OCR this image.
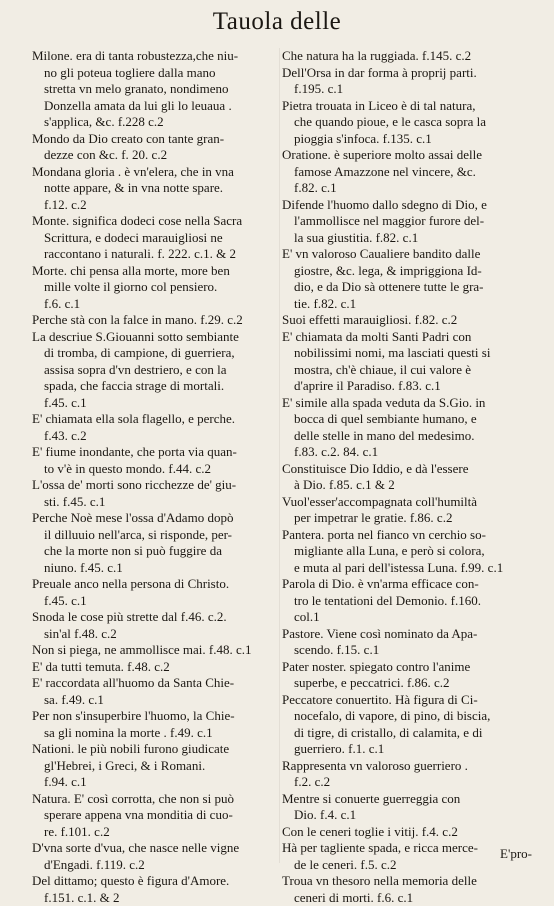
Tauola delle
Milone. era di tanta robustezza,che niu-
no gli poteua togliere dalla mano
stretta vn melo granato, nondimeno
Donzella amata da lui gli lo leuaua .
s'applica, &c. f.228 c.2
Mondo da Dio creato con tante gran-
dezze con &c. f. 20. c.2
Mondana gloria . è vn'elera, che in vna
notte appare, & in vna notte spare.
f.12. c.2
Monte. significa dodeci cose nella Sacra
Scrittura, e dodeci marauigliosi ne
raccontano i naturali. f. 222. c.1. & 2
Morte. chi pensa alla morte, more ben
mille volte il giorno col pensiero.
f.6. c.1
Perche stà con la falce in mano. f.29. c.2
La descriue S.Giouanni sotto sembiante
di tromba, di campione, di guerriera,
assisa sopra d'vn destriero, e con la
spada, che faccia strage di mortali.
f.45. c.1
E' chiamata ella sola flagello, e perche.
f.43. c.2
E' fiume inondante, che porta via quan-
to v'è in questo mondo. f.44. c.2
L'ossa de' morti sono ricchezze de' giu-
sti. f.45. c.1
Perche Noè mese l'ossa d'Adamo dopò
il dilluuio nell'arca, si risponde, per-
che la morte non si può fuggire da
niuno. f.45. c.1
Preuale anco nella persona di Christo.
f.45. c.1
Snoda le cose più strette dal f.46. c.2.
sin'al f.48. c.2
Non si piega, ne ammollisce mai. f.48. c.1
E' da tutti temuta. f.48. c.2
E' raccordata all'huomo da Santa Chie-
sa. f.49. c.1
Per non s'insuperbire l'huomo, la Chie-
sa gli nomina la morte . f.49. c.1
Nationi. le più nobili furono giudicate
gl'Hebrei, i Greci, & i Romani.
f.94. c.1
Natura. E' così corrotta, che non si può
sperare appena vna monditia di cuo-
re. f.101. c.2
D'vna sorte d'vua, che nasce nelle vigne
d'Engadi. f.119. c.2
Del dittamo; questo è figura d'Amore.
f.151. c.1. & 2
Che natura ha la ruggiada. f.145. c.2
Dell'Orsa in dar forma à proprij parti.
f.195. c.1
Pietra trouata in Liceo è di tal natura,
che quando pioue, e le casca sopra la
pioggia s'infoca. f.135. c.1
Oratione. è superiore molto assai delle
famose Amazzone nel vincere, &c.
f.82. c.1
Difende l'huomo dallo sdegno di Dio, e
l'ammollisce nel maggior furore del-
la sua giustitia. f.82. c.1
E' vn valoroso Caualiere bandito dalle
giostre, &c. lega, & impriggiona Id-
dio, e da Dio sà ottenere tutte le gra-
tie. f.82. c.1
Suoi effetti marauigliosi. f.82. c.2
E' chiamata da molti Santi Padri con
nobilissimi nomi, ma lasciati questi si
mostra, ch'è chiaue, il cui valore è
d'aprire il Paradiso. f.83. c.1
E' simile alla spada veduta da S.Gio. in
bocca di quel sembiante humano, e
delle stelle in mano del medesimo.
f.83. c.2. 84. c.1
Constituisce Dio Iddio, e dà l'essere
à Dio. f.85. c.1 & 2
Vuol'esser'accompagnata coll'humiltà
per impetrar le gratie. f.86. c.2
Pantera. porta nel fianco vn cerchio so-
migliante alla Luna, e però si colora,
e muta al pari dell'istessa Luna. f.99. c.1
Parola di Dio. è vn'arma efficace con-
tro le tentationi del Demonio. f.160.
col.1
Pastore. Viene così nominato da Apa-
scendo. f.15. c.1
Pater noster. spiegato contro l'anime
superbe, e peccatrici. f.86. c.2
Peccatore conuertito. Hà figura di Ci-
nocefalo, di vapore, di pino, di biscia,
di tigre, di cristallo, di calamita, e di
guerriero. f.1. c.1
Rappresenta vn valoroso guerriero .
f.2. c.2
Mentre si conuerte guerreggia con
Dio. f.4. c.1
Con le ceneri toglie i vitij. f.4. c.2
Hà per tagliente spada, e ricca merce-
de le ceneri. f.5. c.2
Troua vn thesoro nella memoria delle
ceneri di morti. f.6. c.1
E'pro-
